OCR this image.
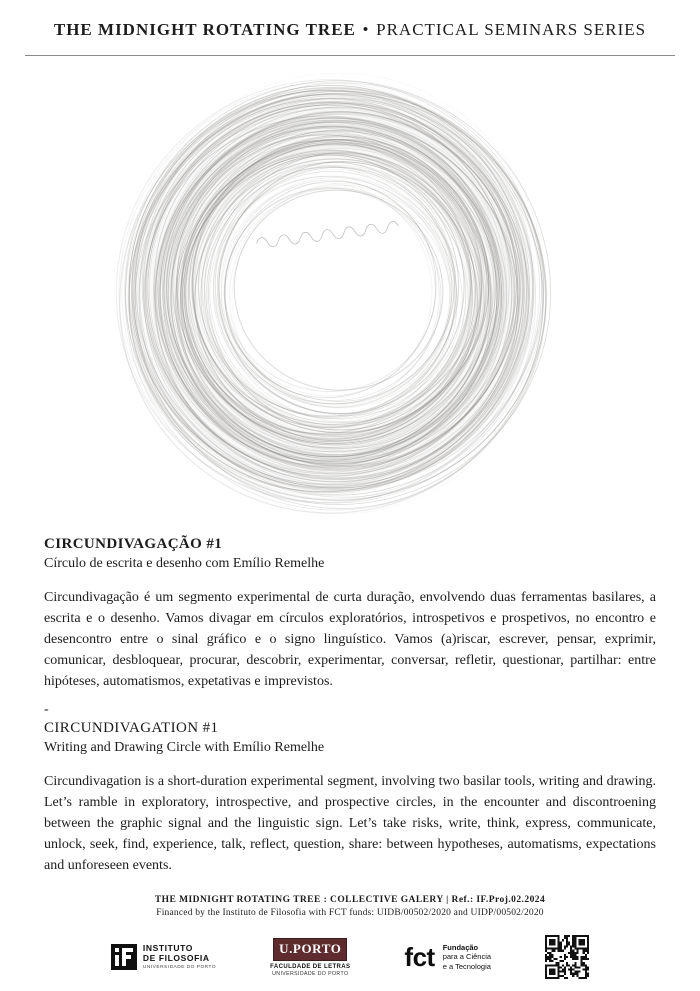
THE MIDNIGHT ROTATING TREE • PRACTICAL SEMINARS SERIES
CIRCUNDIVAGAÇÃO #1
Círculo de escrita e desenho com Emílio Remelhe

Circundivagação é um segmento experimental de curta duração, envolvendo duas ferramentas basilares, a escrita e o desenho. Vamos divagar em círculos exploratórios, introspetivos e prospetivos, no encontro e desencontro entre o sinal gráfico e o signo linguístico. Vamos (a)riscar, escrever, pensar, exprimir, comunicar, desbloquear, procurar, descobrir, experimentar, conversar, refletir, questionar, partilhar: entre hipóteses, automatismos, expetativas e imprevistos.

-
CIRCUNDIVAGATION #1
Writing and Drawing Circle with Emílio Remelhe

Circundivagation is a short-duration experimental segment, involving two basilar tools, writing and drawing. Let’s ramble in exploratory, introspective, and prospective circles, in the encounter and discontroening between the graphic signal and the linguistic sign. Let’s take risks, write, think, express, communicate, unlock, seek, find, experience, talk, reflect, question, share: between hypotheses, automatisms, expectations and unforeseen events.

THE MIDNIGHT ROTATING TREE : COLLECTIVE GALERY | Ref.: IF.Proj.02.2024
Financed by the Instituto de Filosofia with FCT funds: UIDB/00502/2020 and UIDP/00502/2020
INSTITUTO
DE FILOSOFIA
UNIVERSIDADE DO PORTO
U.PORTO
FACULDADE DE LETRAS
UNIVERSIDADE DO PORTO
fct Fundação
para a Ciência
e a Tecnologia
